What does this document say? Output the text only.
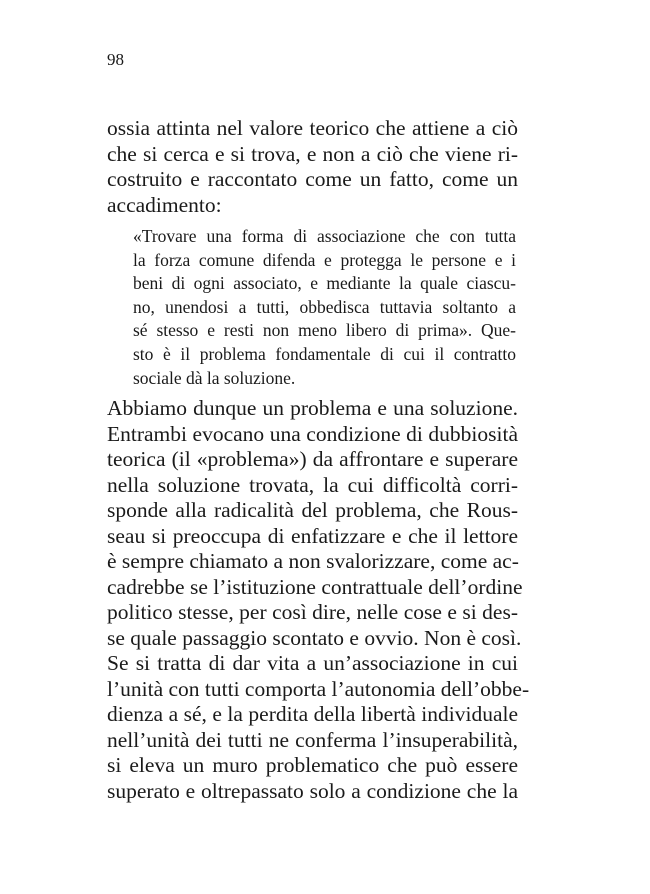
98
ossia attinta nel valore teorico che attiene a ciò
che si cerca e si trova, e non a ciò che viene ri-
costruito e raccontato come un fatto, come un
accadimento:
«Trovare una forma di associazione che con tutta
la forza comune difenda e protegga le persone e i
beni di ogni associato, e mediante la quale ciascu-
no, unendosi a tutti, obbedisca tuttavia soltanto a
sé stesso e resti non meno libero di prima». Que-
sto è il problema fondamentale di cui il contratto
sociale dà la soluzione.
Abbiamo dunque un problema e una soluzione.
Entrambi evocano una condizione di dubbiosità
teorica (il «problema») da affrontare e superare
nella soluzione trovata, la cui difficoltà corri-
sponde alla radicalità del problema, che Rous-
seau si preoccupa di enfatizzare e che il lettore
è sempre chiamato a non svalorizzare, come ac-
cadrebbe se l’istituzione contrattuale dell’ordine
politico stesse, per così dire, nelle cose e si des-
se quale passaggio scontato e ovvio. Non è così.
Se si tratta di dar vita a un’associazione in cui
l’unità con tutti comporta l’autonomia dell’obbe-
dienza a sé, e la perdita della libertà individuale
nell’unità dei tutti ne conferma l’insuperabilità,
si eleva un muro problematico che può essere
superato e oltrepassato solo a condizione che la
